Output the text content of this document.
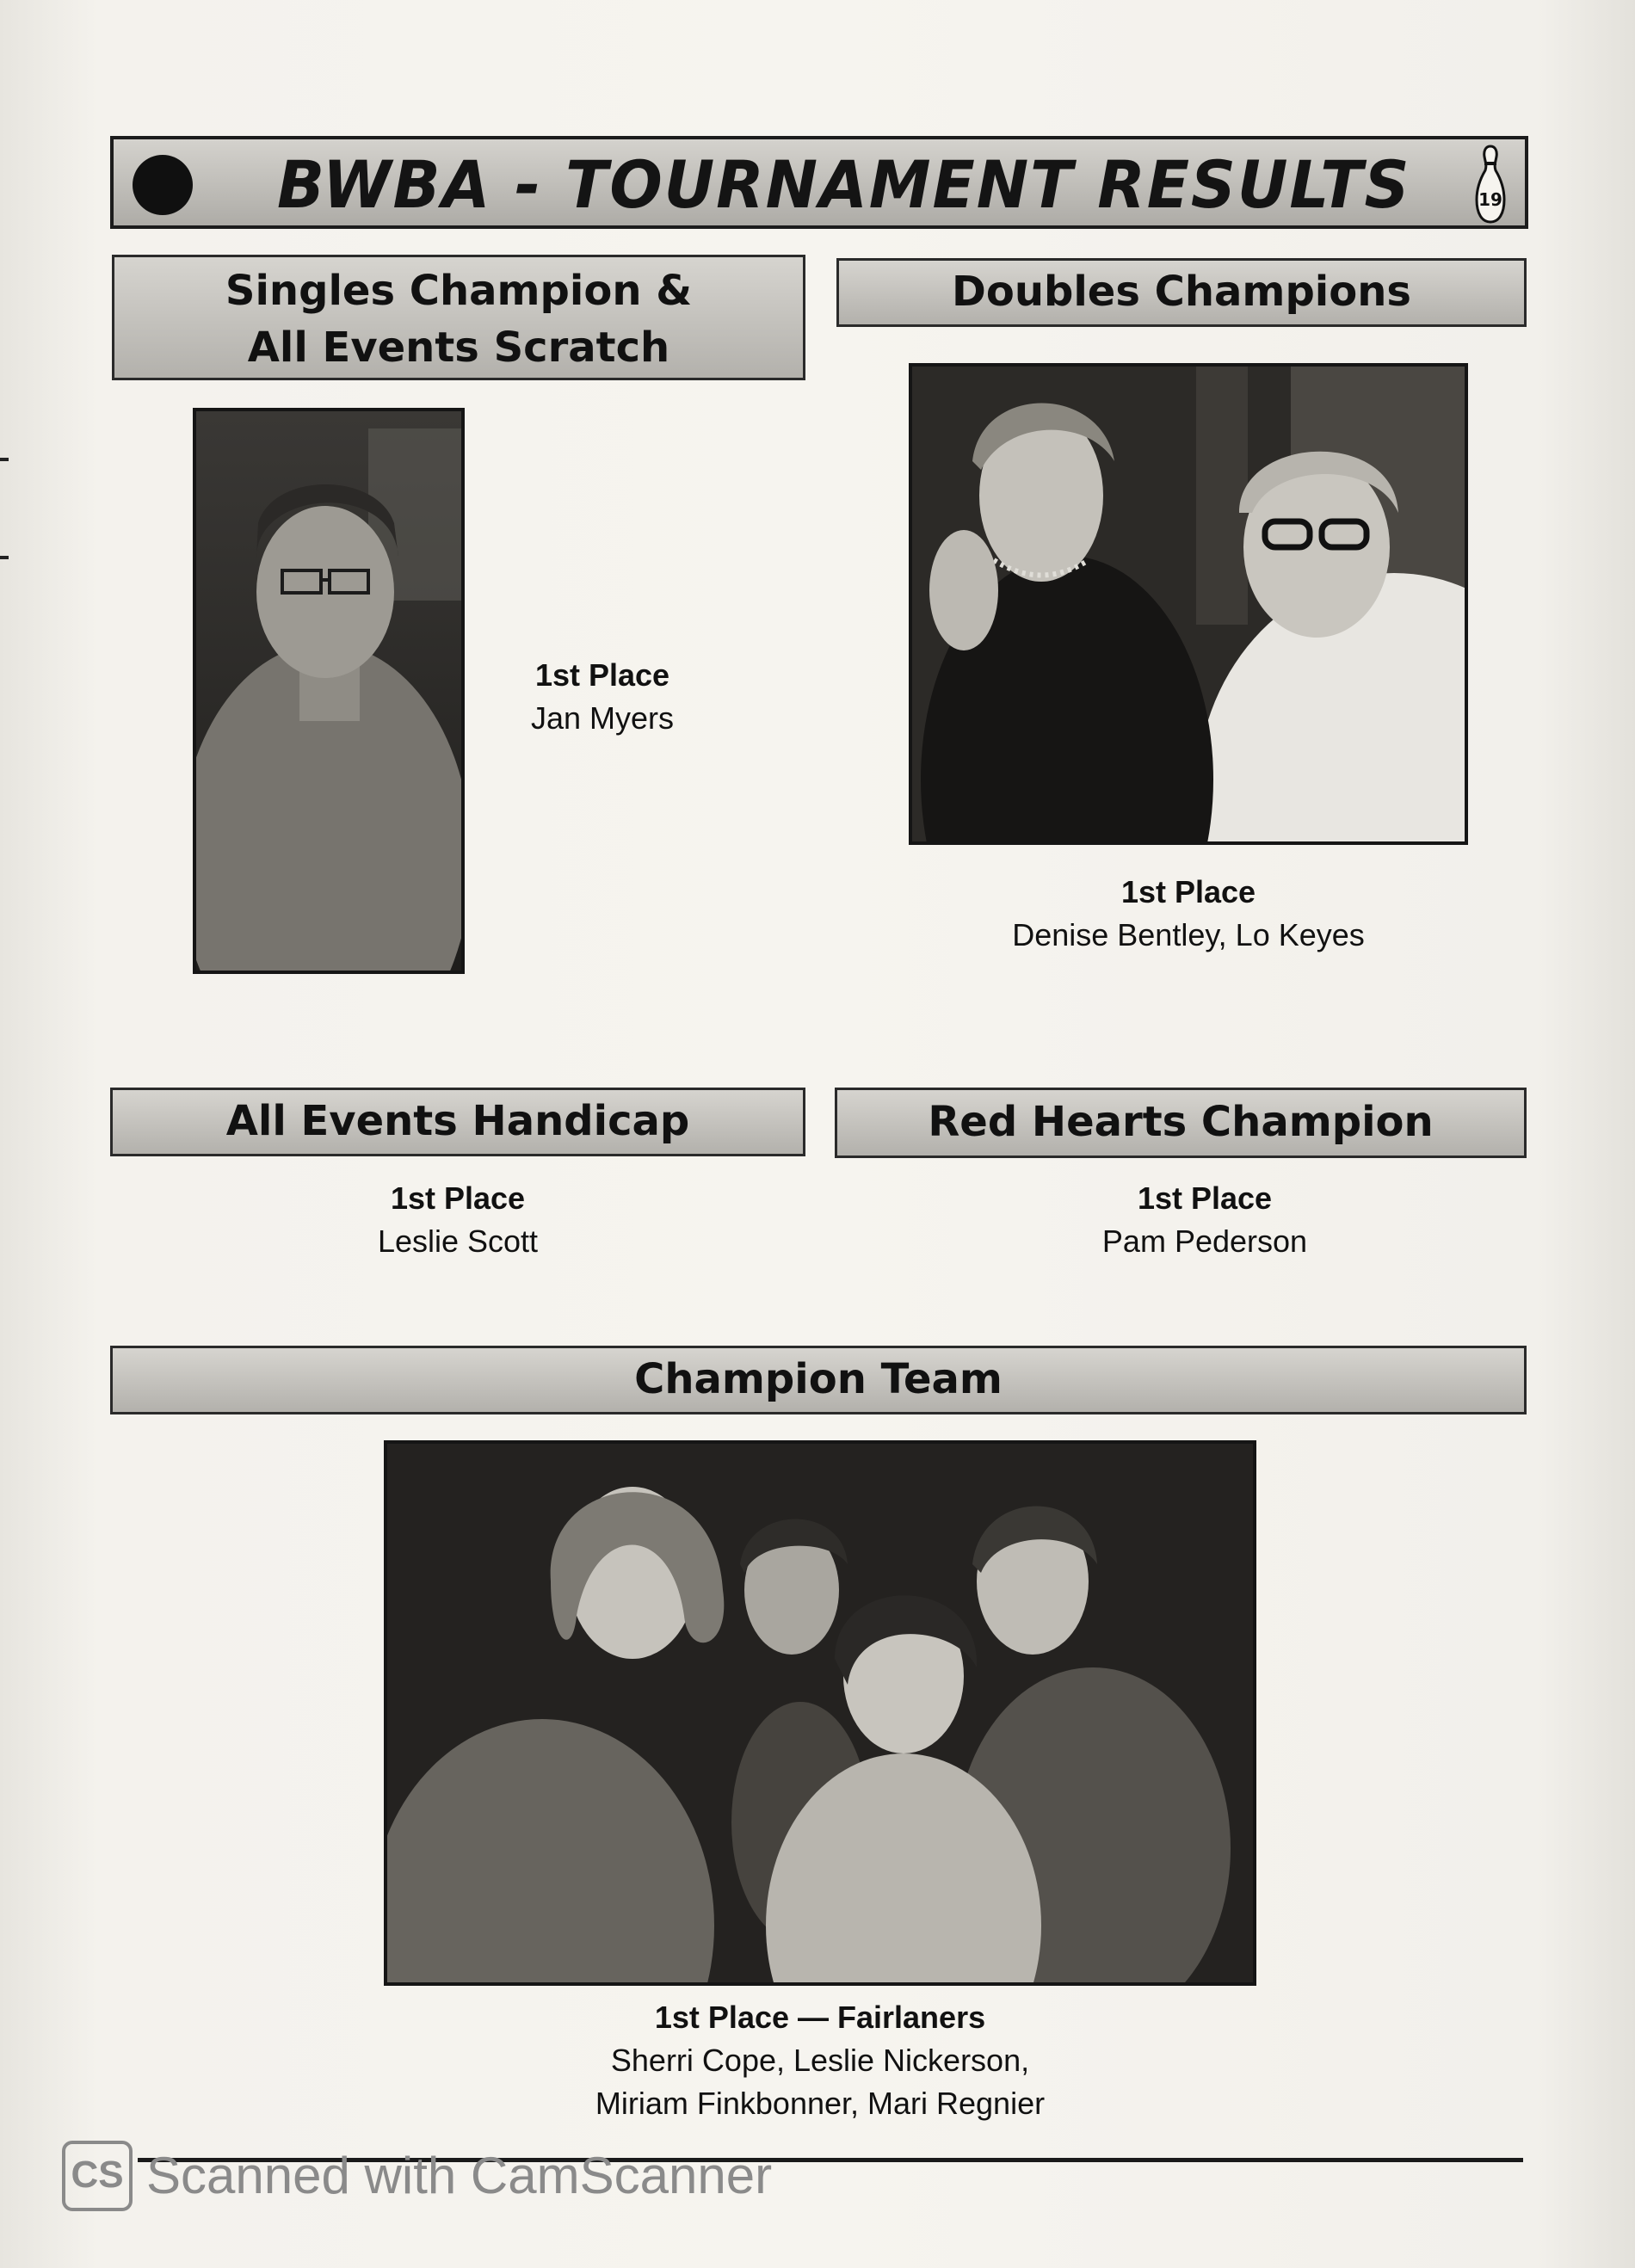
BWBA - TOURNAMENT RESULTS	19
Singles Champion &
All Events Scratch
1st Place
Jan Myers
Doubles Champions
1st Place
Denise Bentley, Lo Keyes
All Events Handicap
1st Place
Leslie Scott
Red Hearts Champion
1st Place
Pam Pederson
Champion Team
1st Place — Fairlaners
Sherri Cope, Leslie Nickerson,
Miriam Finkbonner, Mari Regnier
CS Scanned with CamScanner
